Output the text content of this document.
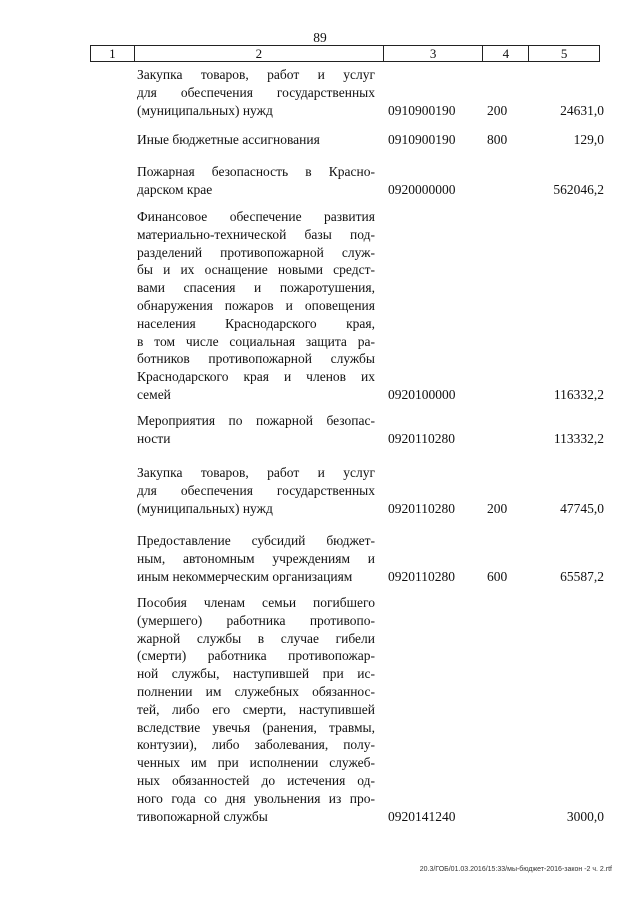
89
1	2	3	4	5

Закупка товаров, работ и услуг
для обеспечения государственных
(муниципальных) нужд	0910900190 200	24631,0

Иные бюджетные ассигнования	0910900190 800	129,0

Пожарная безопасность в Красно-
дарском крае	0920000000	562046,2

Финансовое обеспечение развития
материально-технической базы под-
разделений противопожарной служ-
бы и их оснащение новыми средст-
вами спасения и пожаротушения,
обнаружения пожаров и оповещения
населения Краснодарского края,
в том числе социальная защита ра-
ботников противопожарной службы
Краснодарского края и членов их
семей	0920100000	116332,2

Мероприятия по пожарной безопас-
ности	0920110280	113332,2

Закупка товаров, работ и услуг
для обеспечения государственных
(муниципальных) нужд	0920110280 200	47745,0

Предоставление субсидий бюджет-
ным, автономным учреждениям и
иным некоммерческим организациям	0920110280 600	65587,2

Пособия членам семьи погибшего
(умершего) работника противопо-
жарной службы в случае гибели
(смерти) работника противопожар-
ной службы, наступившей при ис-
полнении им служебных обязаннос-
тей, либо его смерти, наступившей
вследствие увечья (ранения, травмы,
контузии), либо заболевания, полу-
ченных им при исполнении служеб-
ных обязанностей до истечения од-
ного года со дня увольнения из про-
тивопожарной службы	0920141240	3000,0
20.3/ГОБ/01.03.2016/15:33/мы-бюджет-2016-закон -2 ч. 2.rtf
